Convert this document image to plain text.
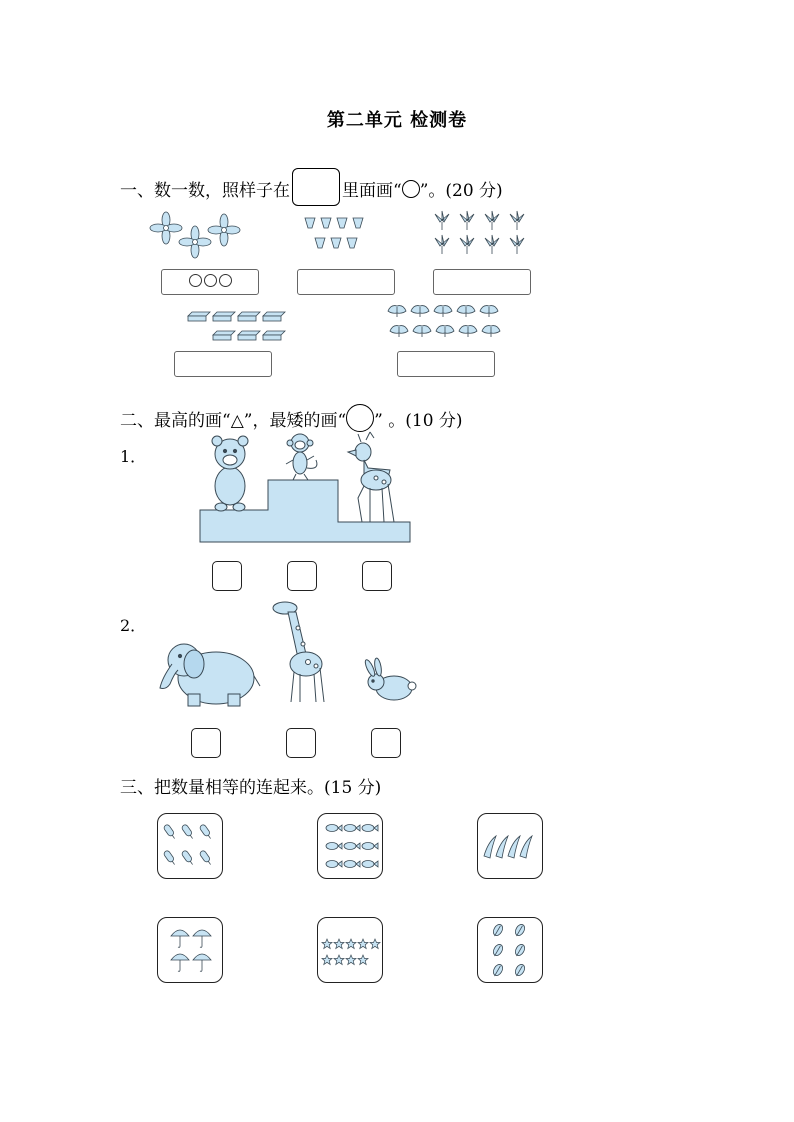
第二单元 检测卷
一、数一数，照样子在	里面画“ ”。(20 分)
二、最高的画“△”，最矮的画“ ” 。(10 分)
1．
2．
三、把数量相等的连起来。(15 分)
